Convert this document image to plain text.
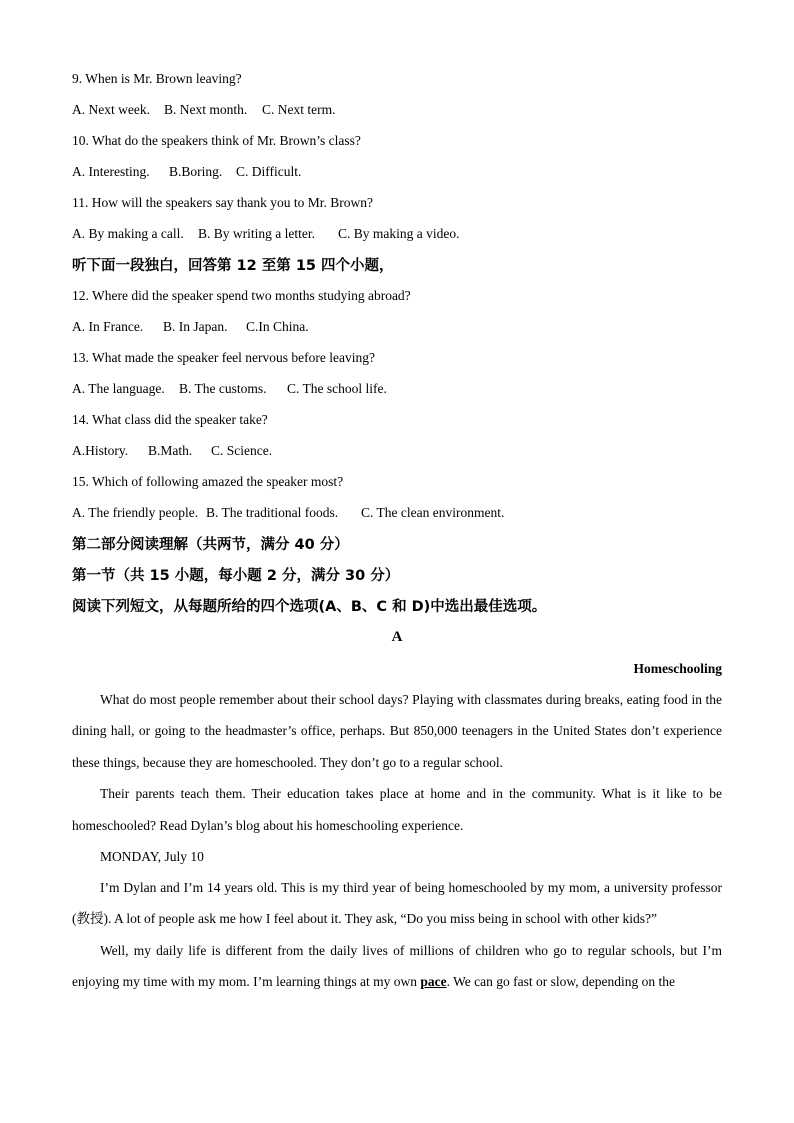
9. When is Mr. Brown leaving?
A. Next week.	B. Next month.	C. Next term.
10. What do the speakers think of Mr. Brown’s class?
A. Interesting.	B.Boring.	C. Difficult.
11. How will the speakers say thank you to Mr. Brown?
A. By making a call.	B. By writing a letter.	C. By making a video.
听下面一段独白，回答第 12 至第 15 四个小题，
12. Where did the speaker spend two months studying abroad?
A. In France.	B. In Japan.	C.In China.
13. What made the speaker feel nervous before leaving?
A. The language.	B. The customs.	C. The school life.
14. What class did the speaker take?
A.History.	B.Math.	C. Science.
15. Which of following amazed the speaker most?
A. The friendly people. B. The traditional foods.	C. The clean environment.
第二部分阅读理解（共两节，满分 40 分）
第一节（共 15 小题，每小题 2 分，满分 30 分）
阅读下列短文，从每题所给的四个选项(A、B、C 和 D)中选出最佳选项。
A
Homeschooling

What do most people remember about their school days? Playing with classmates during breaks, eating food in the dining hall, or going to the headmaster’s office, perhaps. But 850,000 teenagers in the United States don’t experience these things, because they are homeschooled. They don’t go to a regular school.

Their parents teach them. Their education takes place at home and in the community. What is it like to be homeschooled? Read Dylan’s blog about his homeschooling experience.

MONDAY, July 10

I’m Dylan and I’m 14 years old. This is my third year of being homeschooled by my mom, a university professor (教授). A lot of people ask me how I feel about it. They ask, “Do you miss being in school with other kids?”

Well, my daily life is different from the daily lives of millions of children who go to regular schools, but I’m enjoying my time with my mom. I’m learning things at my own pace. We can go fast or slow, depending on the
